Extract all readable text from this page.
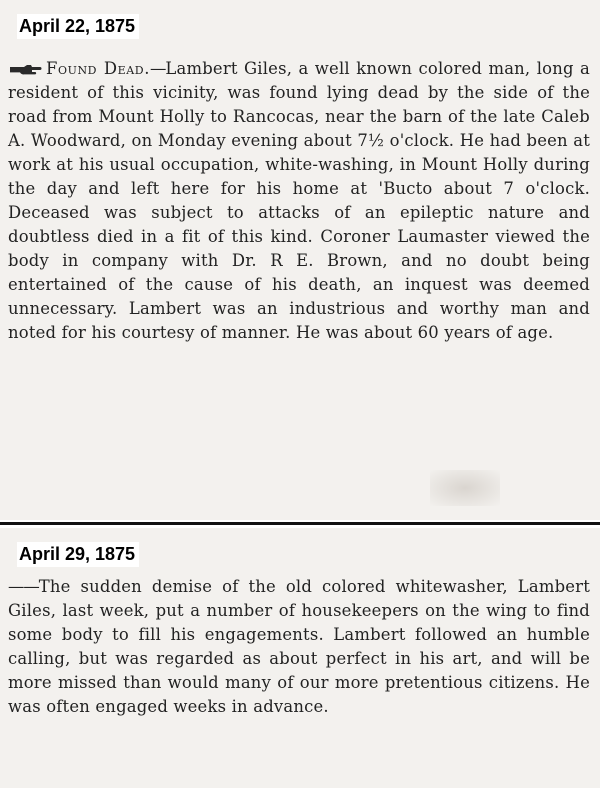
April 22, 1875

Found Dead.—Lambert Giles, a well known colored man, long a resident of this vicinity, was found lying dead by the side of the road from Mount Holly to Rancocas, near the barn of the late Caleb A. Woodward, on Monday evening about 7½ o'clock. He had been at work at his usual occupation, white-washing, in Mount Holly during the day and left here for his home at 'Bucto about 7 o'clock. Deceased was subject to attacks of an epileptic nature and doubtless died in a fit of this kind. Coroner Laumaster viewed the body in company with Dr. R E. Brown, and no doubt being entertained of the cause of his death, an inquest was deemed unnecessary. Lambert was an industrious and worthy man and noted for his courtesy of manner. He was about 60 years of age.

April 29, 1875

——The sudden demise of the old colored whitewasher, Lambert Giles, last week, put a number of housekeepers on the wing to find some body to fill his engagements. Lambert followed an humble calling, but was regarded as about perfect in his art, and will be more missed than would many of our more pretentious citizens. He was often engaged weeks in advance.
